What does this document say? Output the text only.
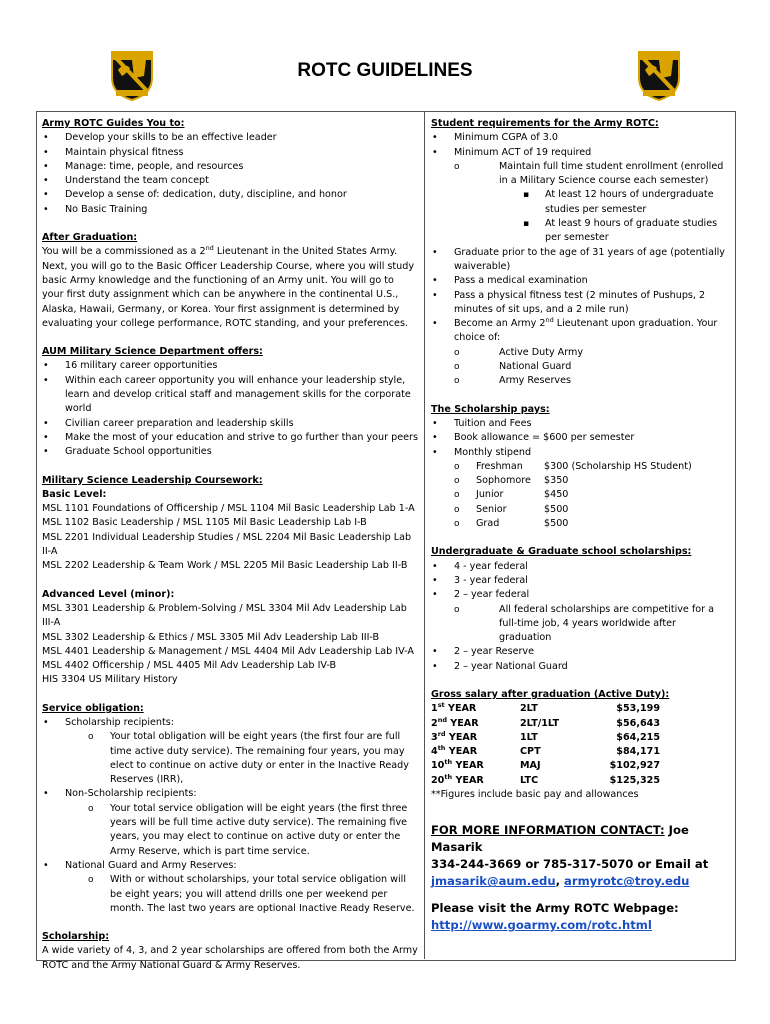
ROTC GUIDELINES

Army ROTC Guides You to:

• Develop your skills to be an effective leader
• Maintain physical fitness
• Manage: time, people, and resources
• Understand the team concept
• Develop a sense of: dedication, duty, discipline, and honor
• No Basic Training

After Graduation:

You will be a commissioned as a 2nd Lieutenant in the United States Army. Next, you will go to the Basic Officer Leadership Course, where you will study basic Army knowledge and the functioning of an Army unit. You will go to your first duty assignment which can be anywhere in the continental U.S., Alaska, Hawaii, Germany, or Korea. Your first assignment is determined by evaluating your college performance, ROTC standing, and your preferences.

AUM Military Science Department offers:

• 16 military career opportunities
• Within each career opportunity you will enhance your leadership style, learn and develop critical staff and management skills for the corporate world
• Civilian career preparation and leadership skills
• Make the most of your education and strive to go further than your peers
• Graduate School opportunities

Military Science Leadership Coursework:

Basic Level:

MSL 1101 Foundations of Officership / MSL 1104 Mil Basic Leadership Lab 1-A

MSL 1102 Basic Leadership / MSL 1105 Mil Basic Leadership Lab I-B

MSL 2201 Individual Leadership Studies / MSL 2204 Mil Basic Leadership Lab II-A

MSL 2202 Leadership & Team Work / MSL 2205 Mil Basic Leadership Lab II-B

Advanced Level (minor):

MSL 3301 Leadership & Problem-Solving / MSL 3304 Mil Adv Leadership Lab III-A

MSL 3302 Leadership & Ethics / MSL 3305 Mil Adv Leadership Lab III-B

MSL 4401 Leadership & Management / MSL 4404 Mil Adv Leadership Lab IV-A

MSL 4402 Officership / MSL 4405 Mil Adv Leadership Lab IV-B

HIS 3304 US Military History

Service obligation:

• Scholarship recipients:
o Your total obligation will be eight years (the first four are full time active duty service). The remaining four years, you may elect to continue on active duty or enter in the Inactive Ready Reserves (IRR),
• Non-Scholarship recipients:
o Your total service obligation will be eight years (the first three years will be full time active duty service). The remaining five years, you may elect to continue on active duty or enter the Army Reserve, which is part time service.
• National Guard and Army Reserves:
o With or without scholarships, your total service obligation will be eight years; you will attend drills one per weekend per month. The last two years are optional Inactive Ready Reserve.

Scholarship:

A wide variety of 4, 3, and 2 year scholarships are offered from both the Army ROTC and the Army National Guard & Army Reserves.

Student requirements for the Army ROTC:

• Minimum CGPA of 3.0
• Minimum ACT of 19 required
o Maintain full time student enrollment (enrolled in a Military Science course each semester)
▪ At least 12 hours of undergraduate studies per semester
▪ At least 9 hours of graduate studies per semester
• Graduate prior to the age of 31 years of age (potentially waiverable)
• Pass a medical examination
• Pass a physical fitness test (2 minutes of Pushups, 2 minutes of sit ups, and a 2 mile run)
• Become an Army 2nd Lieutenant upon graduation. Your choice of:
o Active Duty Army
o National Guard
o Army Reserves

The Scholarship pays:

• Tuition and Fees
• Book allowance = $600 per semester
• Monthly stipend
o Freshman	$300 (Scholarship HS Student)
o Sophomore	$350
o Junior	$450
o Senior	$500
o Grad	$500

Undergraduate & Graduate school scholarships:

• 4 - year federal
• 3 - year federal
• 2 – year federal
o All federal scholarships are competitive for a full-time job, 4 years worldwide after graduation
• 2 – year Reserve
• 2 – year National Guard

Gross salary after graduation (Active Duty):

1st YEAR	2LT	$53,199
2nd YEAR	2LT/1LT	$56,643
3rd YEAR	1LT	$64,215
4th YEAR	CPT	$84,171
10th YEAR	MAJ	$102,927
20th YEAR	LTC	$125,325

**Figures include basic pay and allowances

FOR MORE INFORMATION CONTACT: Joe Masarik

334-244-3669 or 785-317-5070 or Email at

jmasarik@aum.edu, armyrotc@troy.edu

Please visit the Army ROTC Webpage:

http://www.goarmy.com/rotc.html
